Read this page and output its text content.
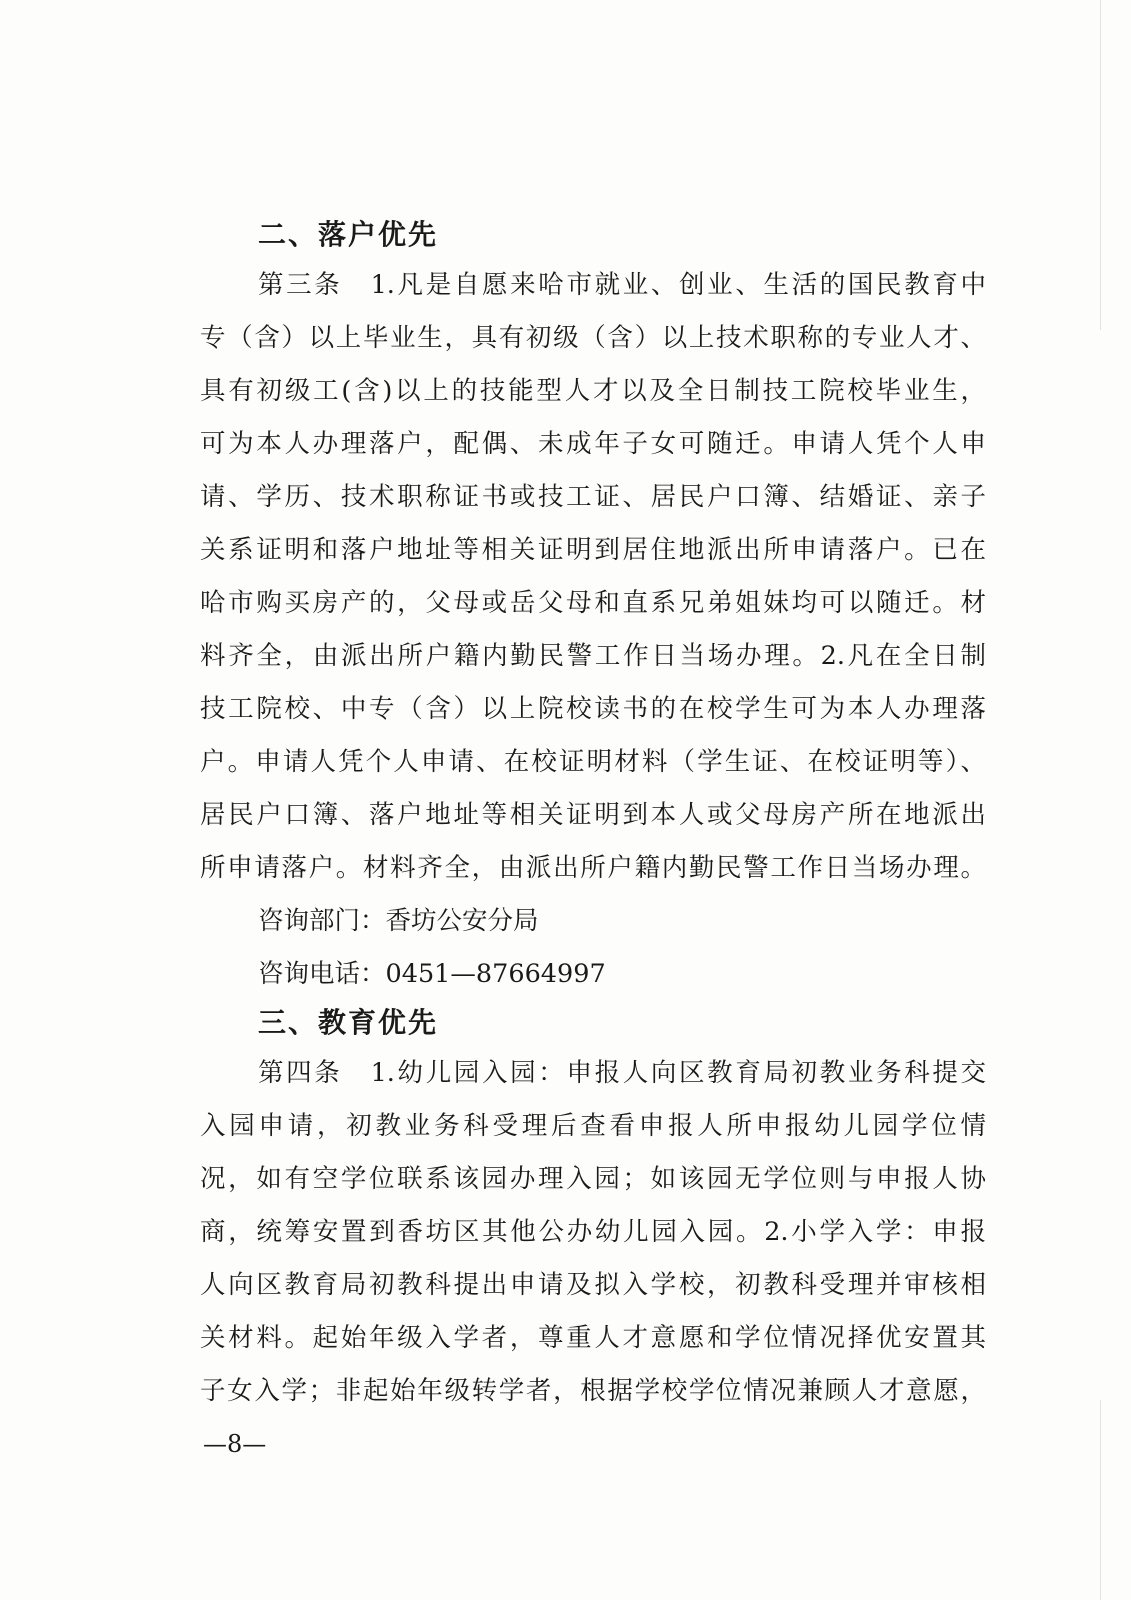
二、落户优先
第三条　1.凡是自愿来哈市就业、创业、生活的国民教育中
专（含）以上毕业生，具有初级（含）以上技术职称的专业人才、
具有初级工(含)以上的技能型人才以及全日制技工院校毕业生，
可为本人办理落户，配偶、未成年子女可随迁。申请人凭个人申
请、学历、技术职称证书或技工证、居民户口簿、结婚证、亲子
关系证明和落户地址等相关证明到居住地派出所申请落户。已在
哈市购买房产的，父母或岳父母和直系兄弟姐妹均可以随迁。材
料齐全，由派出所户籍内勤民警工作日当场办理。2.凡在全日制
技工院校、中专（含）以上院校读书的在校学生可为本人办理落
户。申请人凭个人申请、在校证明材料（学生证、在校证明等）、
居民户口簿、落户地址等相关证明到本人或父母房产所在地派出
所申请落户。材料齐全，由派出所户籍内勤民警工作日当场办理。
咨询部门：香坊公安分局
咨询电话：0451—87664997
三、教育优先
第四条　1.幼儿园入园：申报人向区教育局初教业务科提交
入园申请，初教业务科受理后查看申报人所申报幼儿园学位情
况，如有空学位联系该园办理入园；如该园无学位则与申报人协
商，统筹安置到香坊区其他公办幼儿园入园。2.小学入学：申报
人向区教育局初教科提出申请及拟入学校，初教科受理并审核相
关材料。起始年级入学者，尊重人才意愿和学位情况择优安置其
子女入学；非起始年级转学者，根据学校学位情况兼顾人才意愿，
—8—
